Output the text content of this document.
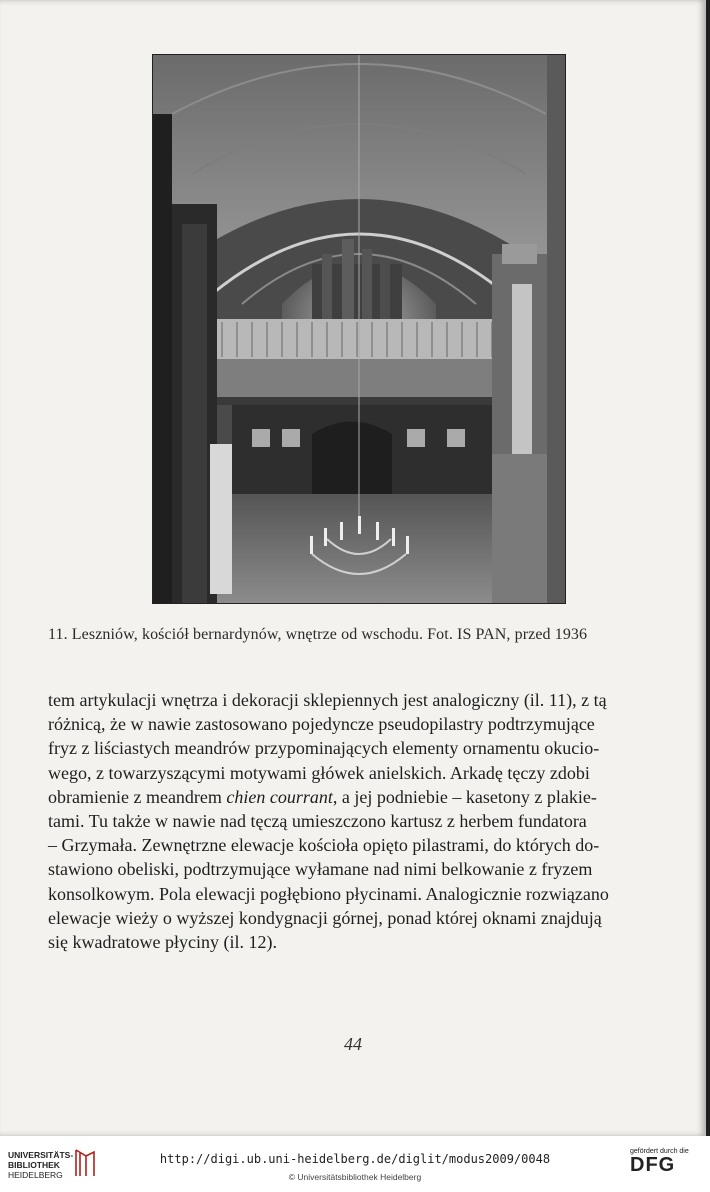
11. Leszniów, kościół bernardynów, wnętrze od wschodu. Fot. IS PAN, przed 1936
tem artykulacji wnętrza i dekoracji sklepiennych jest analogiczny (il. 11), z tą
różnicą, że w nawie zastosowano pojedyncze pseudopilastry podtrzymujące
fryz z liściastych meandrów przypominających elementy ornamentu okucio-
wego, z towarzyszącymi motywami główek anielskich. Arkadę tęczy zdobi
obramienie z meandrem chien courrant, a jej podniebie – kasetony z plakie-
tami. Tu także w nawie nad tęczą umieszczono kartusz z herbem fundatora
– Grzymała. Zewnętrzne elewacje kościoła opięto pilastrami, do których do-
stawiono obeliski, podtrzymujące wyłamane nad nimi belkowanie z fryzem
konsolkowym. Pola elewacji pogłębiono płycinami. Analogicznie rozwiązano
elewacje wieży o wyższej kondygnacji górnej, ponad której oknami znajdują
się kwadratowe płyciny (il. 12).
44
UNIVERSITÄTS-
BIBLIOTHEK
HEIDELBERG
http://digi.ub.uni-heidelberg.de/diglit/modus2009/0048
© Universitätsbibliothek Heidelberg
gefördert durch die
DFG
